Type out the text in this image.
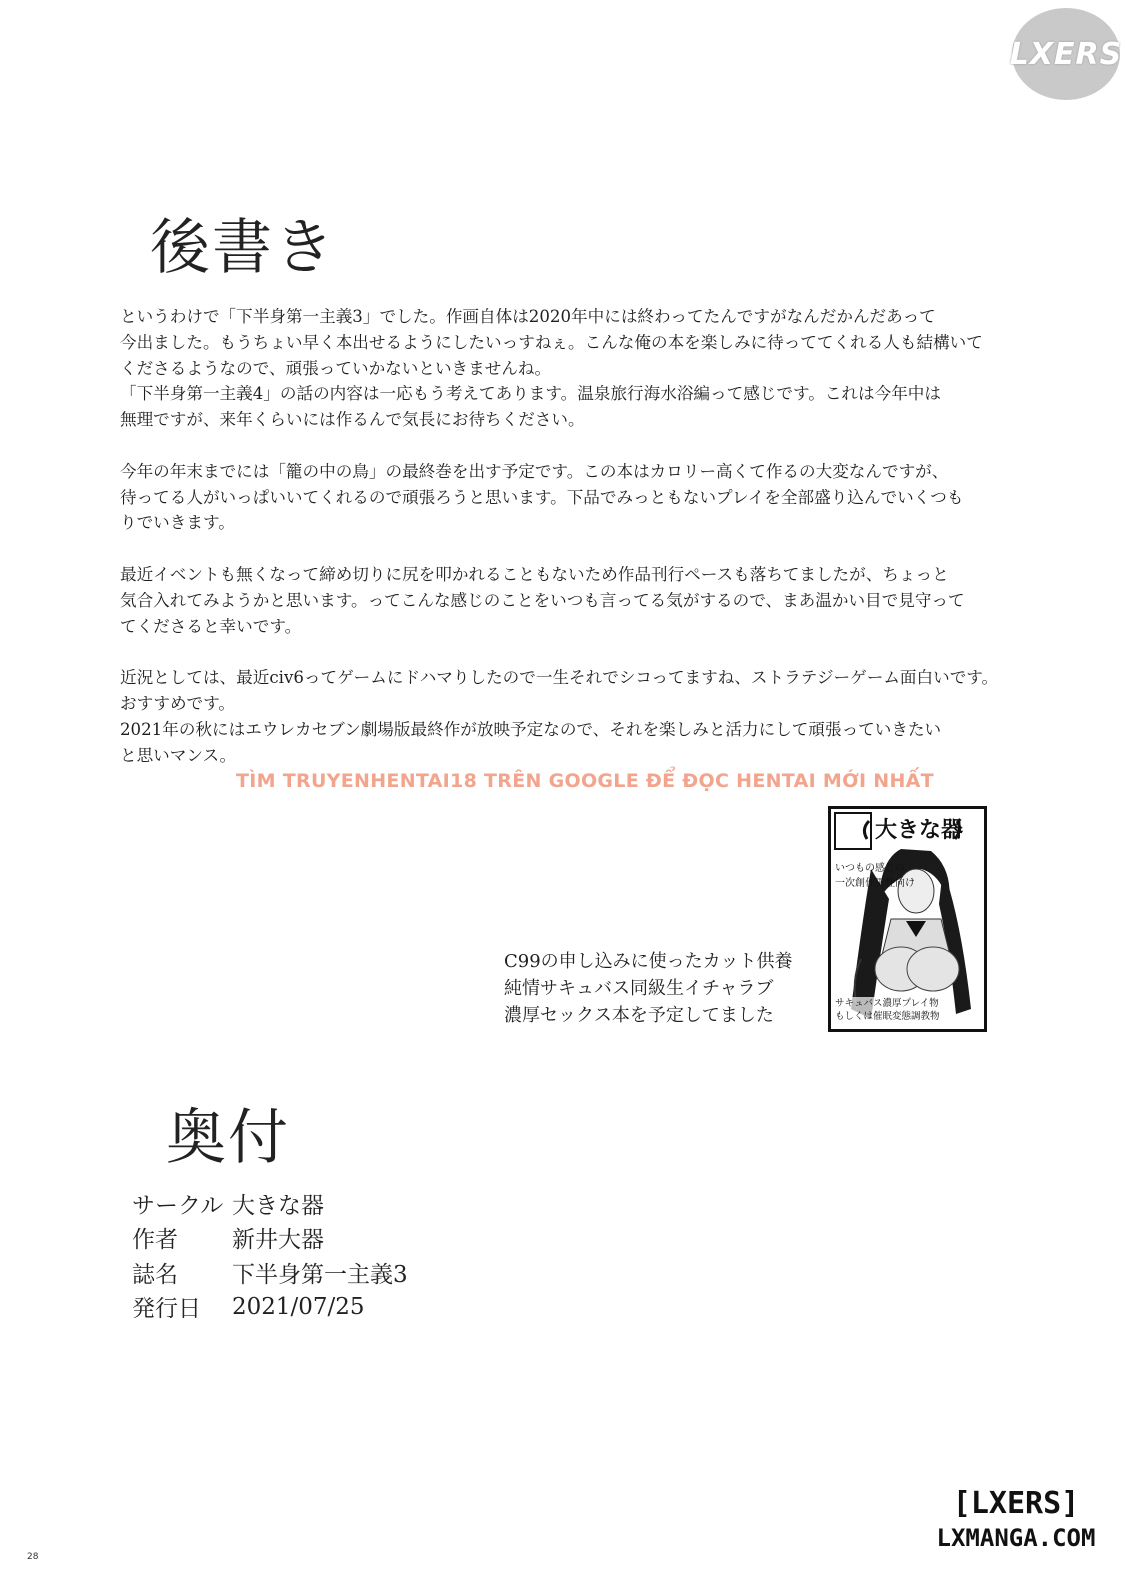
LXERS
後書き

というわけで「下半身第一主義3」でした。作画自体は2020年中には終わってたんですがなんだかんだあって
今出ました。もうちょい早く本出せるようにしたいっすねぇ。こんな俺の本を楽しみに待っててくれる人も結構いて
くださるようなので、頑張っていかないといきませんね。
「下半身第一主義4」の話の内容は一応もう考えてあります。温泉旅行海水浴編って感じです。これは今年中は
無理ですが、来年くらいには作るんで気長にお待ちください。

今年の年末までには「籠の中の鳥」の最終巻を出す予定です。この本はカロリー高くて作るの大変なんですが、
待ってる人がいっぱいいてくれるので頑張ろうと思います。下品でみっともないプレイを全部盛り込んでいくつも
りでいきます。

最近イベントも無くなって締め切りに尻を叩かれることもないため作品刊行ペースも落ちてましたが、ちょっと
気合入れてみようかと思います。ってこんな感じのことをいつも言ってる気がするので、まあ温かい目で見守って
てくださると幸いです。

近況としては、最近civ6ってゲームにドハマりしたので一生それでシコってますね、ストラテジーゲーム面白いです。
おすすめです。
2021年の秋にはエウレカセブン劇場版最終作が放映予定なので、それを楽しみと活力にして頑張っていきたい
と思いマンス。

TÌM TRUYENHENTAI18 TRÊN GOOGLE ĐỂ ĐỌC HENTAI MỚI NHẤT
大きな器
いつもの感じの
一次創作男性向け
サキュバス濃厚プレイ物
もしくは催眠変態調教物
C99の申し込みに使ったカット供養
純情サキュバス同級生イチャラブ
濃厚セックス本を予定してました
奥付
サークル 大きな器
作者	新井大器
誌名	下半身第一主義3
発行日	2021/07/25
28
[LXERS]
LXMANGA.COM
